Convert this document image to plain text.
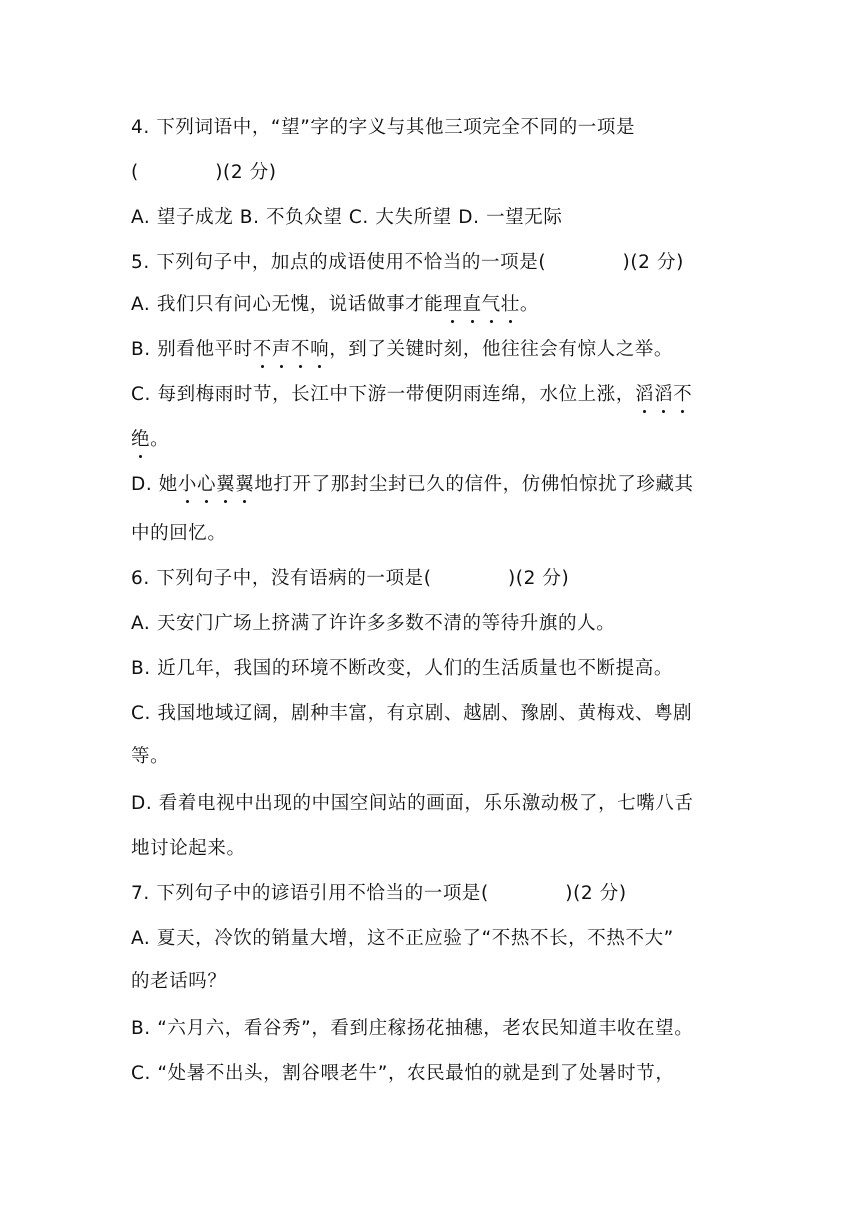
4. 下列词语中，“望”字的字义与其他三项完全不同的一项是
(　　　　)(2 分)
A. 望子成龙 B. 不负众望 C. 大失所望 D. 一望无际
5. 下列句子中，加点的成语使用不恰当的一项是(　　　　)(2 分)
A. 我们只有问心无愧，说话做事才能理直气壮。
B. 别看他平时不声不响，到了关键时刻，他往往会有惊人之举。
C. 每到梅雨时节，长江中下游一带便阴雨连绵，水位上涨，滔滔不
绝。
D. 她小心翼翼地打开了那封尘封已久的信件，仿佛怕惊扰了珍藏其
中的回忆。
6. 下列句子中，没有语病的一项是(　　　　)(2 分)
A. 天安门广场上挤满了许许多多数不清的等待升旗的人。
B. 近几年，我国的环境不断改变，人们的生活质量也不断提高。
C. 我国地域辽阔，剧种丰富，有京剧、越剧、豫剧、黄梅戏、粤剧
等。
D. 看着电视中出现的中国空间站的画面，乐乐激动极了，七嘴八舌
地讨论起来。
7. 下列句子中的谚语引用不恰当的一项是(　　　　)(2 分)
A. 夏天，冷饮的销量大增，这不正应验了“不热不长，不热不大”
的老话吗？
B. “六月六，看谷秀”，看到庄稼扬花抽穗，老农民知道丰收在望。
C. “处暑不出头，割谷喂老牛”，农民最怕的就是到了处暑时节，
